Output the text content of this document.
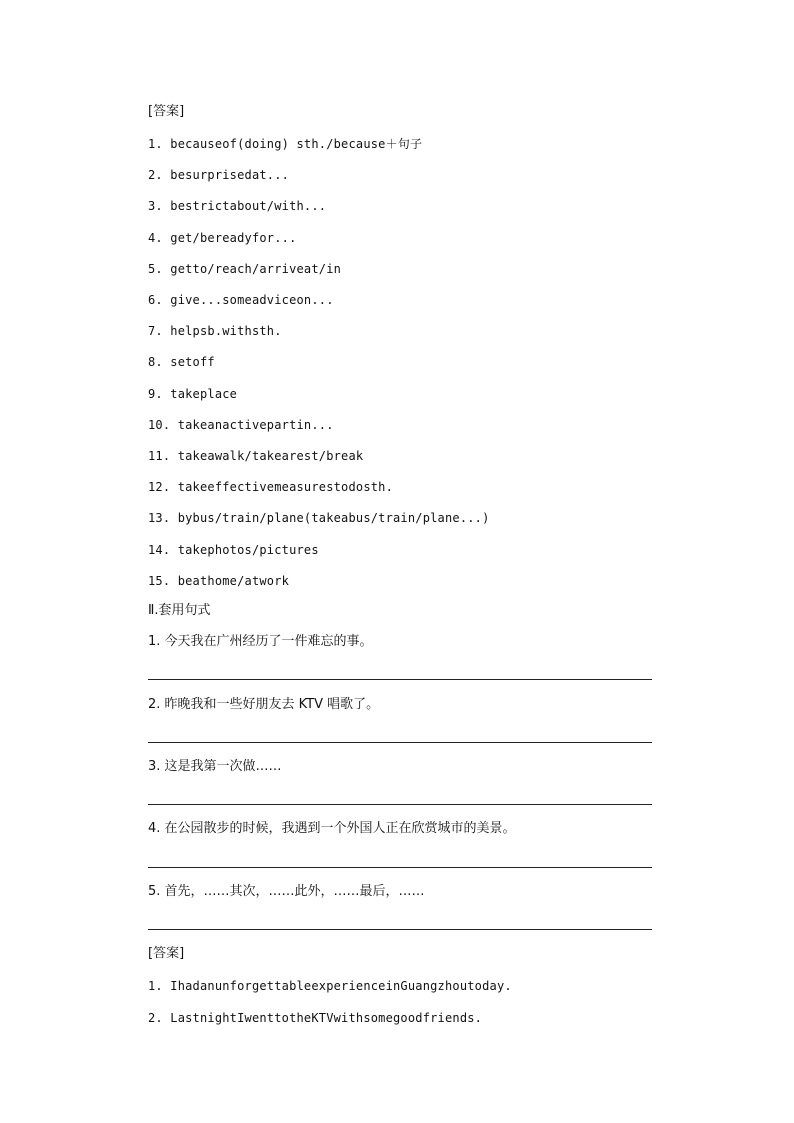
[答案]
1. becauseof(doing) sth./because＋句子
2. besurprisedat...
3. bestrictabout/with...
4. get/bereadyfor...
5. getto/reach/arriveat/in
6. give...someadviceon...
7. helpsb.withsth.
8. setoff
9. takeplace
10. takeanactivepartin...
11. takeawalk/takearest/break
12. takeeffectivemeasurestodosth.
13. bybus/train/plane(takeabus/train/plane...)
14. takephotos/pictures
15. beathome/atwork
Ⅱ.套用句式
1. 今天我在广州经历了一件难忘的事。
2. 昨晚我和一些好朋友去 KTV 唱歌了。
3. 这是我第一次做……
4. 在公园散步的时候，我遇到一个外国人正在欣赏城市的美景。
5. 首先，……其次，……此外，……最后，……
[答案]
1. IhadanunforgettableexperienceinGuangzhoutoday.
2. LastnightIwenttotheKTVwithsomegoodfriends.
